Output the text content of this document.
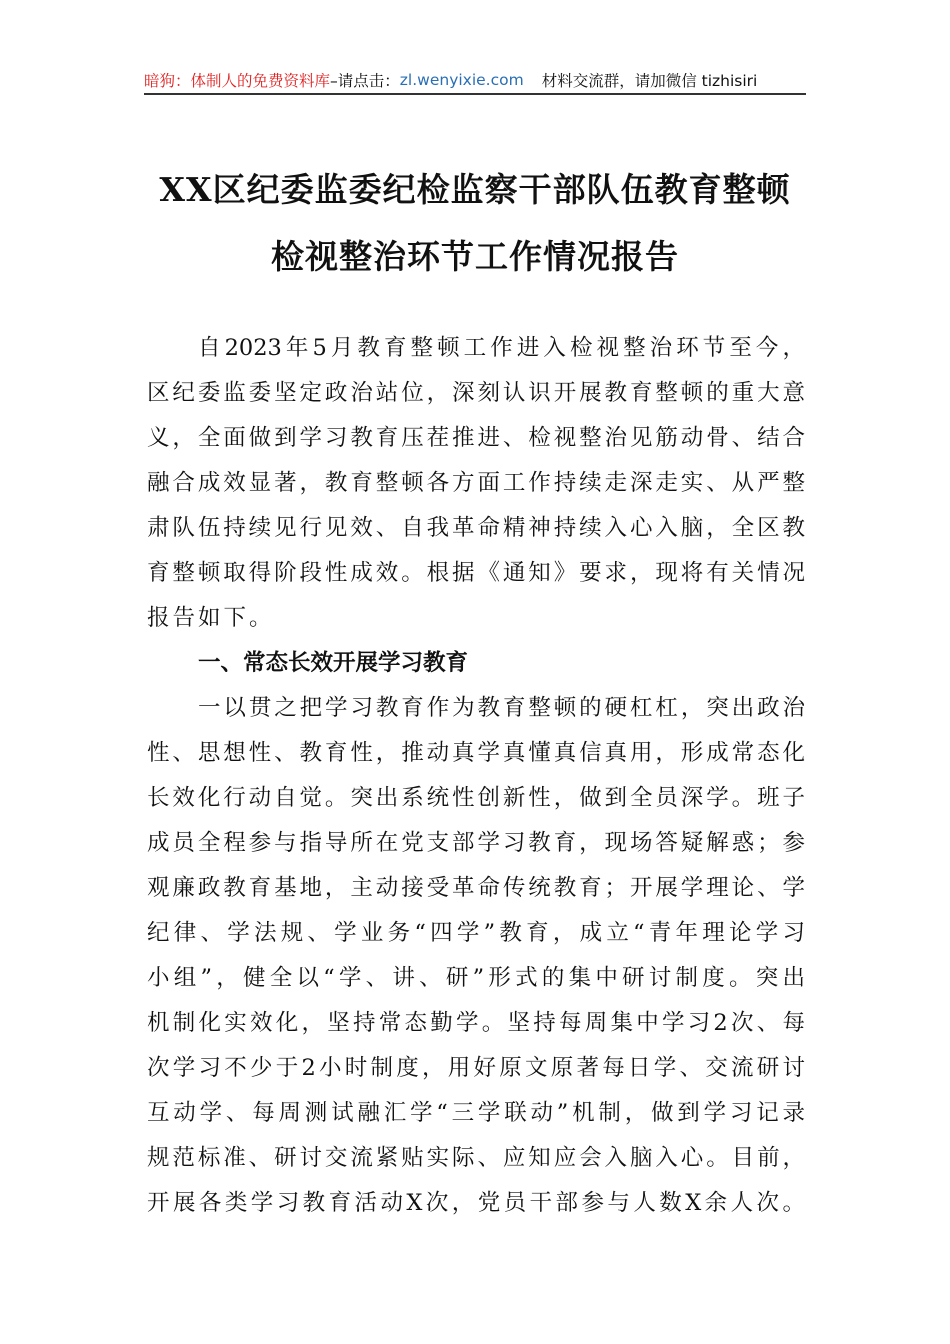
暗狗：体制人的免费资料库 –请点击： zl.wenyixie.com 材料交流群，请加微信 tizhisiri
XX区纪委监委纪检监察干部队伍教育整顿
检视整治环节工作情况报告
自2023年5月教育整顿工作进入检视整治环节至今，
区纪委监委坚定政治站位，深刻认识开展教育整顿的重大意
义，全面做到学习教育压茬推进、检视整治见筋动骨、结合
融合成效显著，教育整顿各方面工作持续走深走实、从严整
肃队伍持续见行见效、自我革命精神持续入心入脑，全区教
育整顿取得阶段性成效。根据《通知》要求，现将有关情况
报告如下。
一、常态长效开展学习教育
一以贯之把学习教育作为教育整顿的硬杠杠，突出政治
性、思想性、教育性，推动真学真懂真信真用，形成常态化
长效化行动自觉。突出系统性创新性，做到全员深学。班子
成员全程参与指导所在党支部学习教育，现场答疑解惑；参
观廉政教育基地，主动接受革命传统教育；开展学理论、学
纪律、学法规、学业务“四学”教育，成立“青年理论学习
小组”，健全以“学、讲、研”形式的集中研讨制度。突出
机制化实效化，坚持常态勤学。坚持每周集中学习2次、每
次学习不少于2小时制度，用好原文原著每日学、交流研讨
互动学、每周测试融汇学“三学联动”机制，做到学习记录
规范标准、研讨交流紧贴实际、应知应会入脑入心。目前，
开展各类学习教育活动X次，党员干部参与人数X余人次。
